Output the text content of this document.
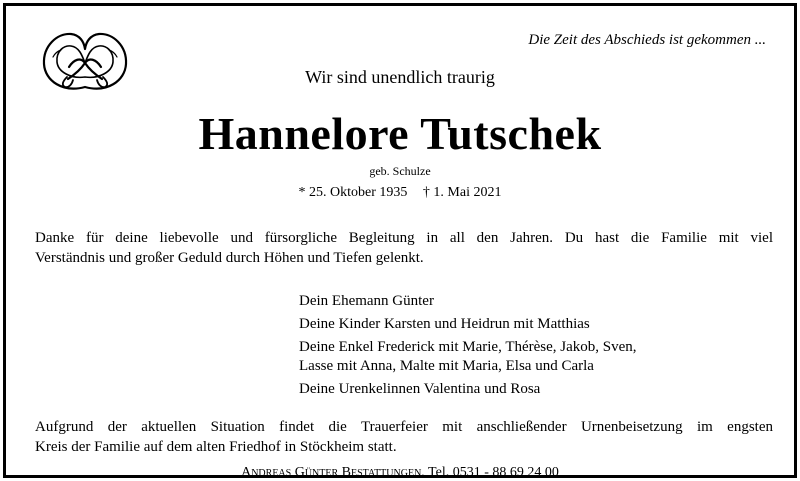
Die Zeit des Abschieds ist gekommen ...
Wir sind unendlich traurig
Hannelore Tutschek
geb. Schulze
* 25. Oktober 1935 † 1. Mai 2021
Danke für deine liebevolle und fürsorgliche Begleitung in all den Jahren. Du hast die Familie mit viel
Verständnis und großer Geduld durch Höhen und Tiefen gelenkt.
Dein Ehemann Günter
Deine Kinder Karsten und Heidrun mit Matthias
Deine Enkel Frederick mit Marie, Thérèse, Jakob, Sven,
Lasse mit Anna, Malte mit Maria, Elsa und Carla
Deine Urenkelinnen Valentina und Rosa
Aufgrund der aktuellen Situation findet die Trauerfeier mit anschließender Urnenbeisetzung im engsten
Kreis der Familie auf dem alten Friedhof in Stöckheim statt.
Andreas Günter Bestattungen, Tel. 0531 - 88 69 24 00
